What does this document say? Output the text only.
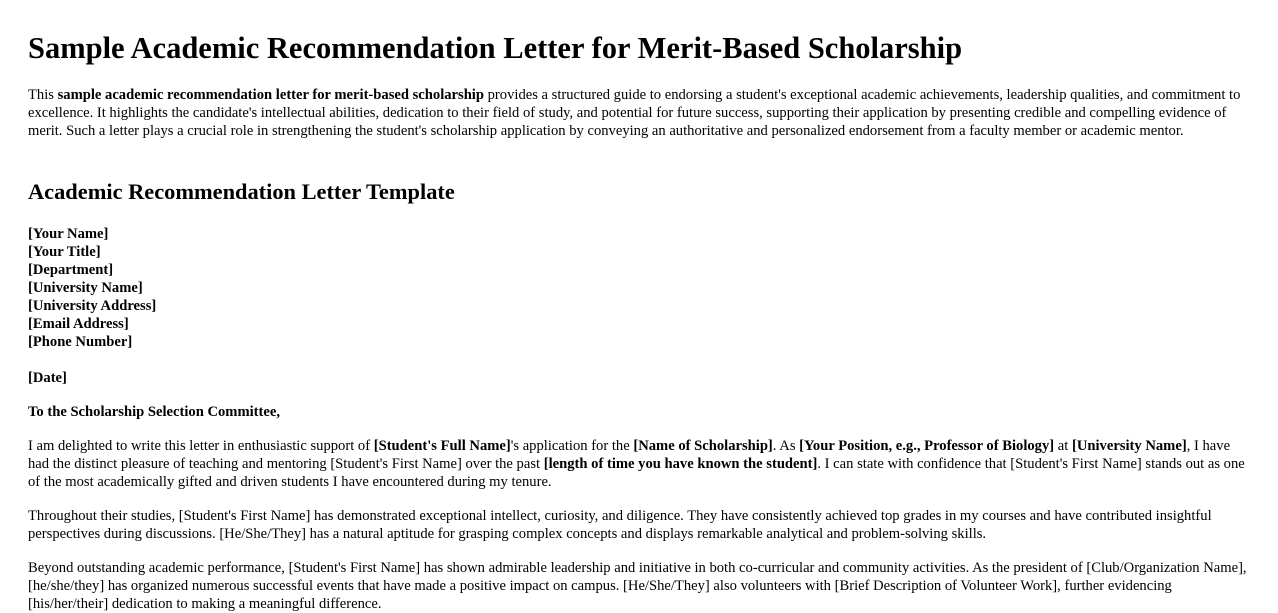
Sample Academic Recommendation Letter for Merit-Based Scholarship

This sample academic recommendation letter for merit-based scholarship provides a structured guide to endorsing a student's exceptional academic achievements, leadership qualities, and commitment to excellence. It highlights the candidate's intellectual abilities, dedication to their field of study, and potential for future success, supporting their application by presenting credible and compelling evidence of merit. Such a letter plays a crucial role in strengthening the student's scholarship application by conveying an authoritative and personalized endorsement from a faculty member or academic mentor.

Academic Recommendation Letter Template

[Your Name]
[Your Title]
[Department]
[University Name]
[University Address]
[Email Address]
[Phone Number]

[Date]

To the Scholarship Selection Committee,

I am delighted to write this letter in enthusiastic support of [Student's Full Name]'s application for the [Name of Scholarship]. As [Your Position, e.g., Professor of Biology] at [University Name], I have had the distinct pleasure of teaching and mentoring [Student's First Name] over the past [length of time you have known the student]. I can state with confidence that [Student's First Name] stands out as one of the most academically gifted and driven students I have encountered during my tenure.

Throughout their studies, [Student's First Name] has demonstrated exceptional intellect, curiosity, and diligence. They have consistently achieved top grades in my courses and have contributed insightful perspectives during discussions. [He/She/They] has a natural aptitude for grasping complex concepts and displays remarkable analytical and problem-solving skills.

Beyond outstanding academic performance, [Student's First Name] has shown admirable leadership and initiative in both co-curricular and community activities. As the president of [Club/Organization Name], [he/she/they] has organized numerous successful events that have made a positive impact on campus. [He/She/They] also volunteers with [Brief Description of Volunteer Work], further evidencing [his/her/their] dedication to making a meaningful difference.
